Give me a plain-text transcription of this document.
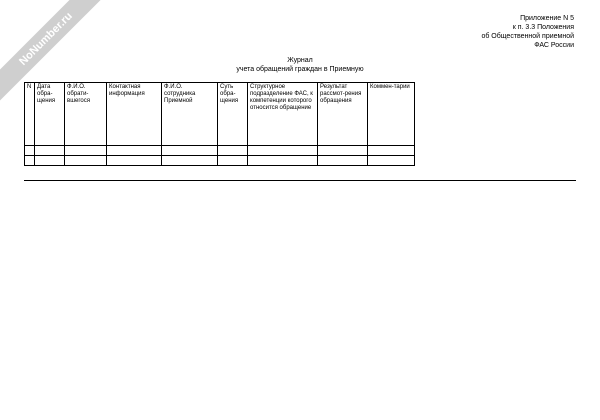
NoNumber.ru	Приложение N 5
к п. 3.3 Положения
об Общественной приемной
ФАС России
Журнал
учета обращений граждан в Приемную
N	Дата обра-щения	Ф.И.О. обрати-вшегося	Контактная информация	Ф.И.О. сотрудника Приемной	Суть обра-щения	Структурное подразделение ФАС, к компетенции которого относится обращение	Результат рассмот-рения обращения	Коммен-тарии
